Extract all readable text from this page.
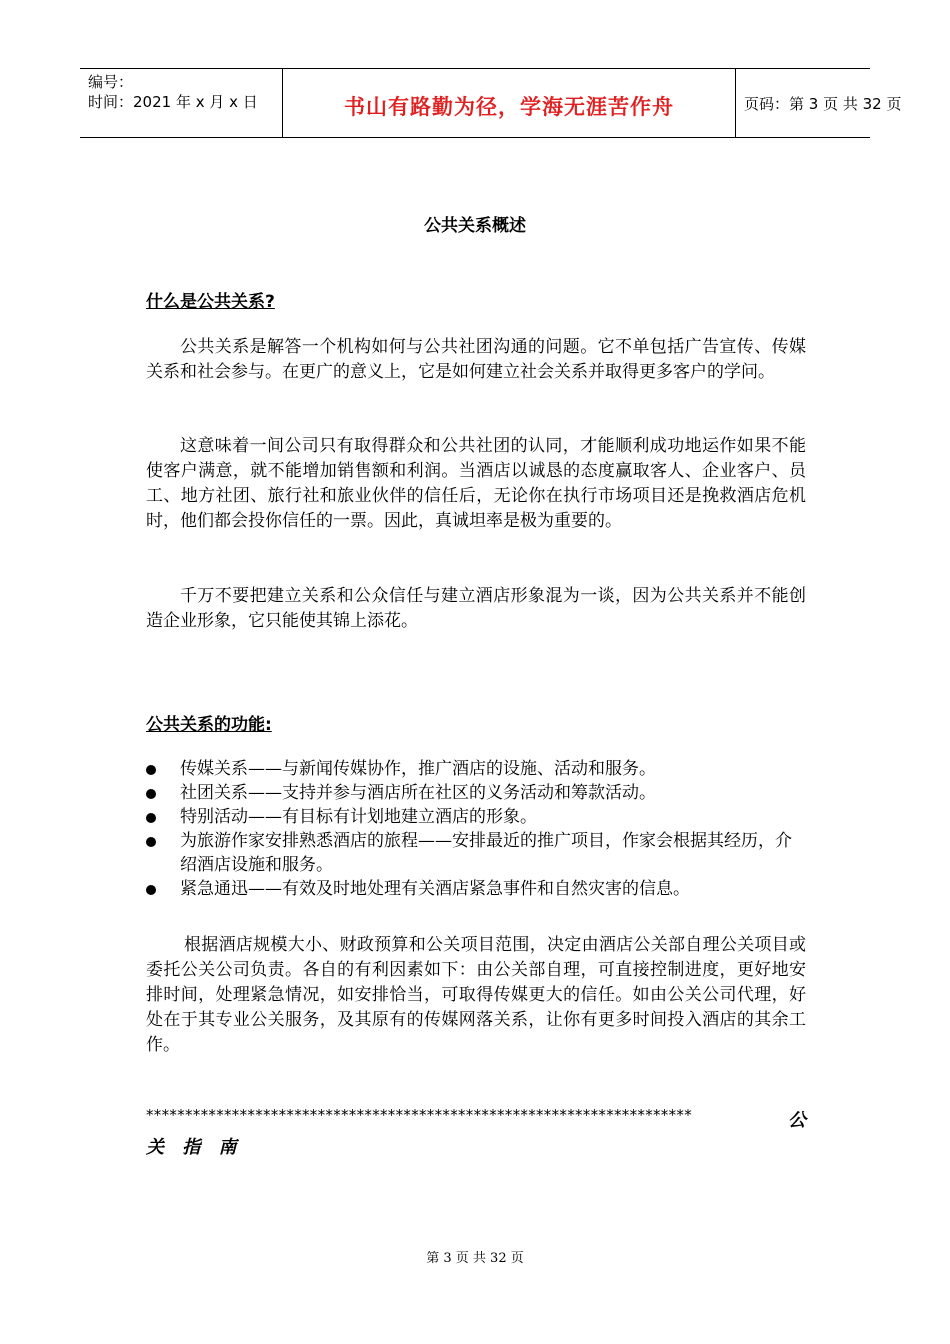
编号：
时间：2021 年 x 月 x 日	书山有路勤为径，学海无涯苦作舟	页码：第 3 页 共 32 页
公共关系概述
什么是公共关系?

公共关系是解答一个机构如何与公共社团沟通的问题。它不单包括广告宣传、传媒关系和社会参与。在更广的意义上，它是如何建立社会关系并取得更多客户的学问。

这意味着一间公司只有取得群众和公共社团的认同，才能顺利成功地运作如果不能使客户满意，就不能增加销售额和利润。当酒店以诚恳的态度赢取客人、企业客户、员工、地方社团、旅行社和旅业伙伴的信任后，无论你在执行市场项目还是挽救酒店危机时，他们都会投你信任的一票。因此，真诚坦率是极为重要的。

千万不要把建立关系和公众信任与建立酒店形象混为一谈，因为公共关系并不能创造企业形象，它只能使其锦上添花。

公共关系的功能:
传媒关系——与新闻传媒协作，推广酒店的设施、活动和服务。
社团关系——支持并参与酒店所在社区的义务活动和筹款活动。
特别活动——有目标有计划地建立酒店的形象。
为旅游作家安排熟悉酒店的旅程——安排最近的推广项目，作家会根据其经历，介绍酒店设施和服务。
紧急通迅——有效及时地处理有关酒店紧急事件和自然灾害的信息。

根据酒店规模大小、财政预算和公关项目范围，决定由酒店公关部自理公关项目或委托公关公司负责。各自的有利因素如下：由公关部自理，可直接控制进度，更好地安排时间，处理紧急情况，如安排恰当，可取得传媒更大的信任。如由公关公司代理，好处在于其专业公关服务，及其原有的传媒网落关系，让你有更多时间投入酒店的其余工作。

**********************************************************************	公
关 指 南
第 3 页 共 32 页
